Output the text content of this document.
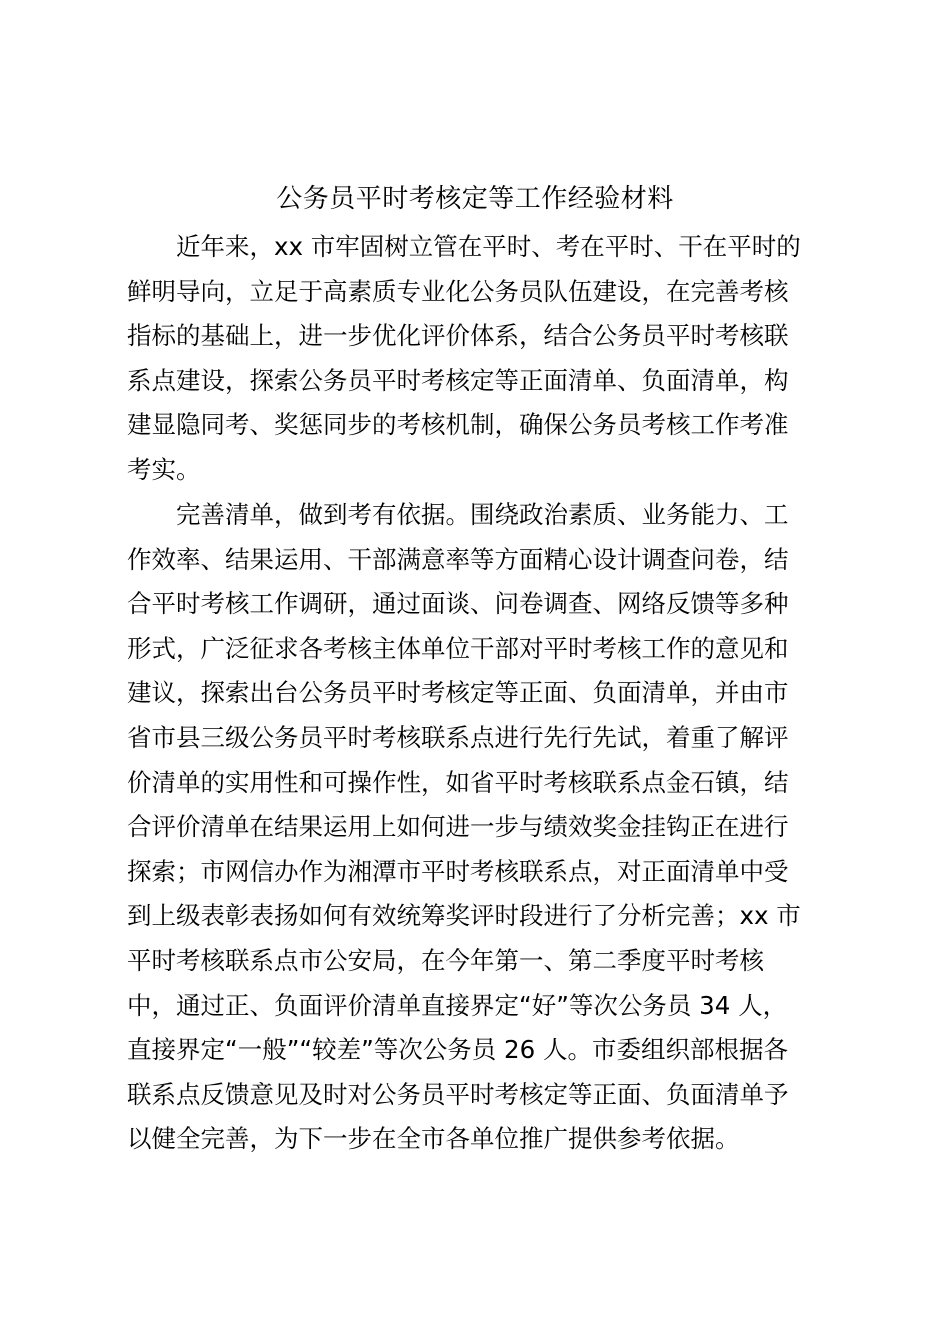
公务员平时考核定等工作经验材料
　　近年来，xx 市牢固树立管在平时、考在平时、干在平时的
鲜明导向，立足于高素质专业化公务员队伍建设，在完善考核
指标的基础上，进一步优化评价体系，结合公务员平时考核联
系点建设，探索公务员平时考核定等正面清单、负面清单，构
建显隐同考、奖惩同步的考核机制，确保公务员考核工作考准
考实。
　　完善清单，做到考有依据。围绕政治素质、业务能力、工
作效率、结果运用、干部满意率等方面精心设计调查问卷，结
合平时考核工作调研，通过面谈、问卷调查、网络反馈等多种
形式，广泛征求各考核主体单位干部对平时考核工作的意见和
建议，探索出台公务员平时考核定等正面、负面清单，并由市
省市县三级公务员平时考核联系点进行先行先试，着重了解评
价清单的实用性和可操作性，如省平时考核联系点金石镇，结
合评价清单在结果运用上如何进一步与绩效奖金挂钩正在进行
探索；市网信办作为湘潭市平时考核联系点，对正面清单中受
到上级表彰表扬如何有效统筹奖评时段进行了分析完善；xx 市
平时考核联系点市公安局，在今年第一、第二季度平时考核
中，通过正、负面评价清单直接界定“好”等次公务员 34 人，
直接界定“一般”“较差”等次公务员 26 人。市委组织部根据各
联系点反馈意见及时对公务员平时考核定等正面、负面清单予
以健全完善，为下一步在全市各单位推广提供参考依据。
